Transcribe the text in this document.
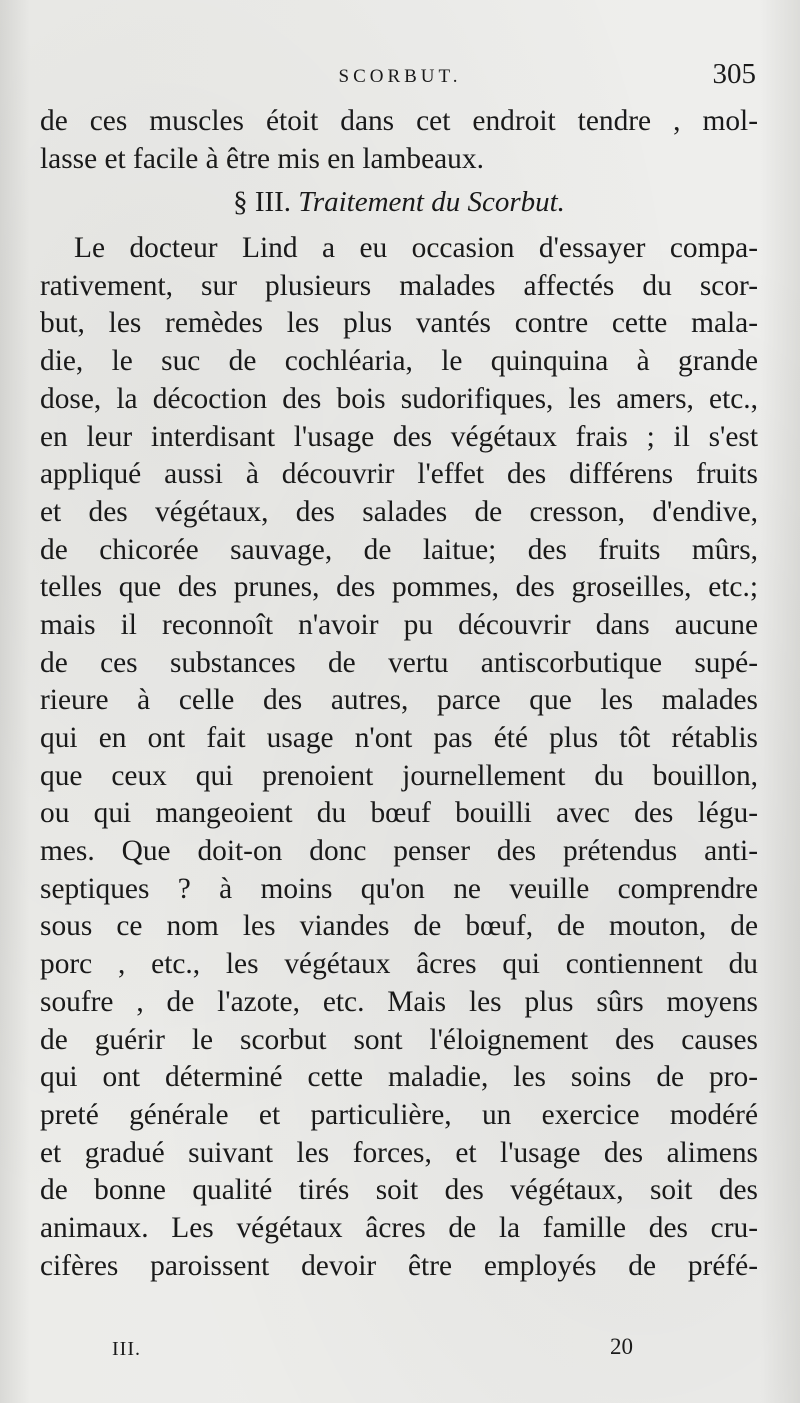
SCORBUT.	305
de ces muscles étoit dans cet endroit tendre , mol-
lasse et facile à être mis en lambeaux.
§ III. Traitement du Scorbut.
Le docteur Lind a eu occasion d'essayer compa-
rativement, sur plusieurs malades affectés du scor-
but, les remèdes les plus vantés contre cette mala-
die, le suc de cochléaria, le quinquina à grande
dose, la décoction des bois sudorifiques, les amers, etc.,
en leur interdisant l'usage des végétaux frais ; il s'est
appliqué aussi à découvrir l'effet des différens fruits
et des végétaux, des salades de cresson, d'endive,
de chicorée sauvage, de laitue; des fruits mûrs,
telles que des prunes, des pommes, des groseilles, etc.;
mais il reconnoît n'avoir pu découvrir dans aucune
de ces substances de vertu antiscorbutique supé-
rieure à celle des autres, parce que les malades
qui en ont fait usage n'ont pas été plus tôt rétablis
que ceux qui prenoient journellement du bouillon,
ou qui mangeoient du bœuf bouilli avec des légu-
mes. Que doit-on donc penser des prétendus anti-
septiques ? à moins qu'on ne veuille comprendre
sous ce nom les viandes de bœuf, de mouton, de
porc , etc., les végétaux âcres qui contiennent du
soufre , de l'azote, etc. Mais les plus sûrs moyens
de guérir le scorbut sont l'éloignement des causes
qui ont déterminé cette maladie, les soins de pro-
preté générale et particulière, un exercice modéré
et gradué suivant les forces, et l'usage des alimens
de bonne qualité tirés soit des végétaux, soit des
animaux. Les végétaux âcres de la famille des cru-
cifères paroissent devoir être employés de préfé-
III.	20
